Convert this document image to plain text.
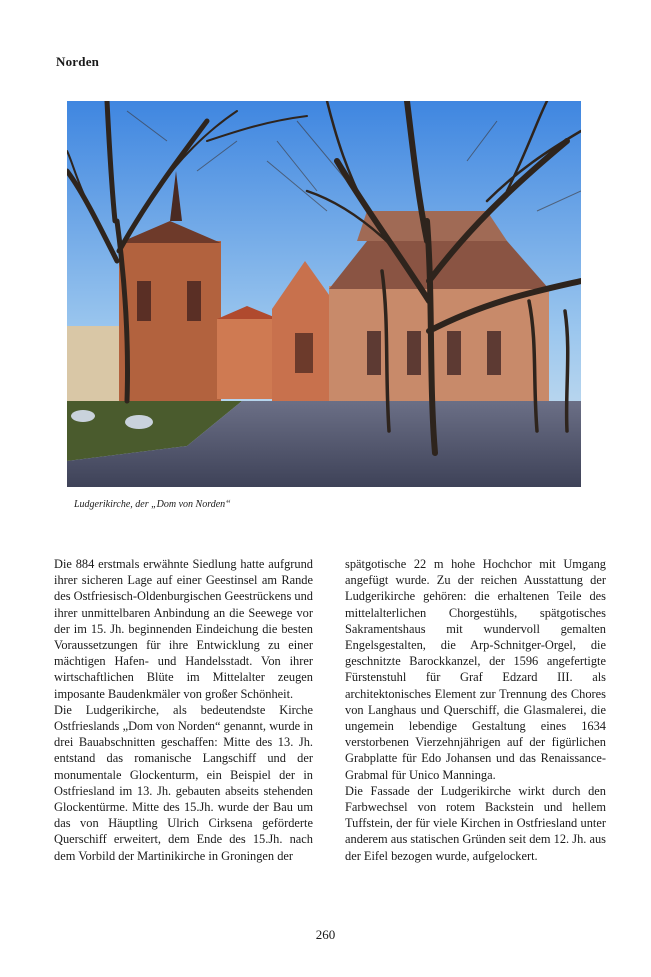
Norden
Ludgerikirche, der „Dom von Norden“

Die 884 erstmals erwähnte Siedlung hatte aufgrund ihrer sicheren Lage auf einer Geestinsel am Rande des Ostfriesisch-Oldenburgischen Geestrückens und ihrer unmittelbaren Anbindung an die Seewege vor der im 15. Jh. beginnenden Eindeichung die besten Voraussetzungen für ihre Entwicklung zu einer mächtigen Hafen- und Handelsstadt. Von ihrer wirtschaftlichen Blüte im Mittelalter zeugen imposante Baudenkmäler von großer Schönheit.

Die Ludgerikirche, als bedeutendste Kirche Ostfrieslands „Dom von Norden“ genannt, wurde in drei Bauabschnitten geschaffen: Mitte des 13. Jh. entstand das romanische Langschiff und der monumentale Glockenturm, ein Beispiel der in Ostfriesland im 13. Jh. gebauten abseits stehenden Glockentürme. Mitte des 15.Jh. wurde der Bau um das von Häuptling Ulrich Cirksena geförderte Querschiff erweitert, dem Ende des 15.Jh. nach dem Vorbild der Martinikirche in Groningen der

spätgotische 22 m hohe Hochchor mit Umgang angefügt wurde. Zu der reichen Ausstattung der Ludgerikirche gehören: die erhaltenen Teile des mittelalterlichen Chorgestühls, spätgotisches Sakramentshaus mit wundervoll gemalten Engelsgestalten, die Arp-Schnitger-Orgel, die geschnitzte Barockkanzel, der 1596 angefertigte Fürstenstuhl für Graf Edzard III. als architektonisches Element zur Trennung des Chores von Langhaus und Querschiff, die Glasmalerei, die ungemein lebendige Gestaltung eines 1634 verstorbenen Vierzehnjährigen auf der figürlichen Grabplatte für Edo Johansen und das Renaissance-Grabmal für Unico Manninga.

Die Fassade der Ludgerikirche wirkt durch den Farbwechsel von rotem Backstein und hellem Tuffstein, der für viele Kirchen in Ostfriesland unter anderem aus statischen Gründen seit dem 12. Jh. aus der Eifel bezogen wurde, aufgelockert.

260
